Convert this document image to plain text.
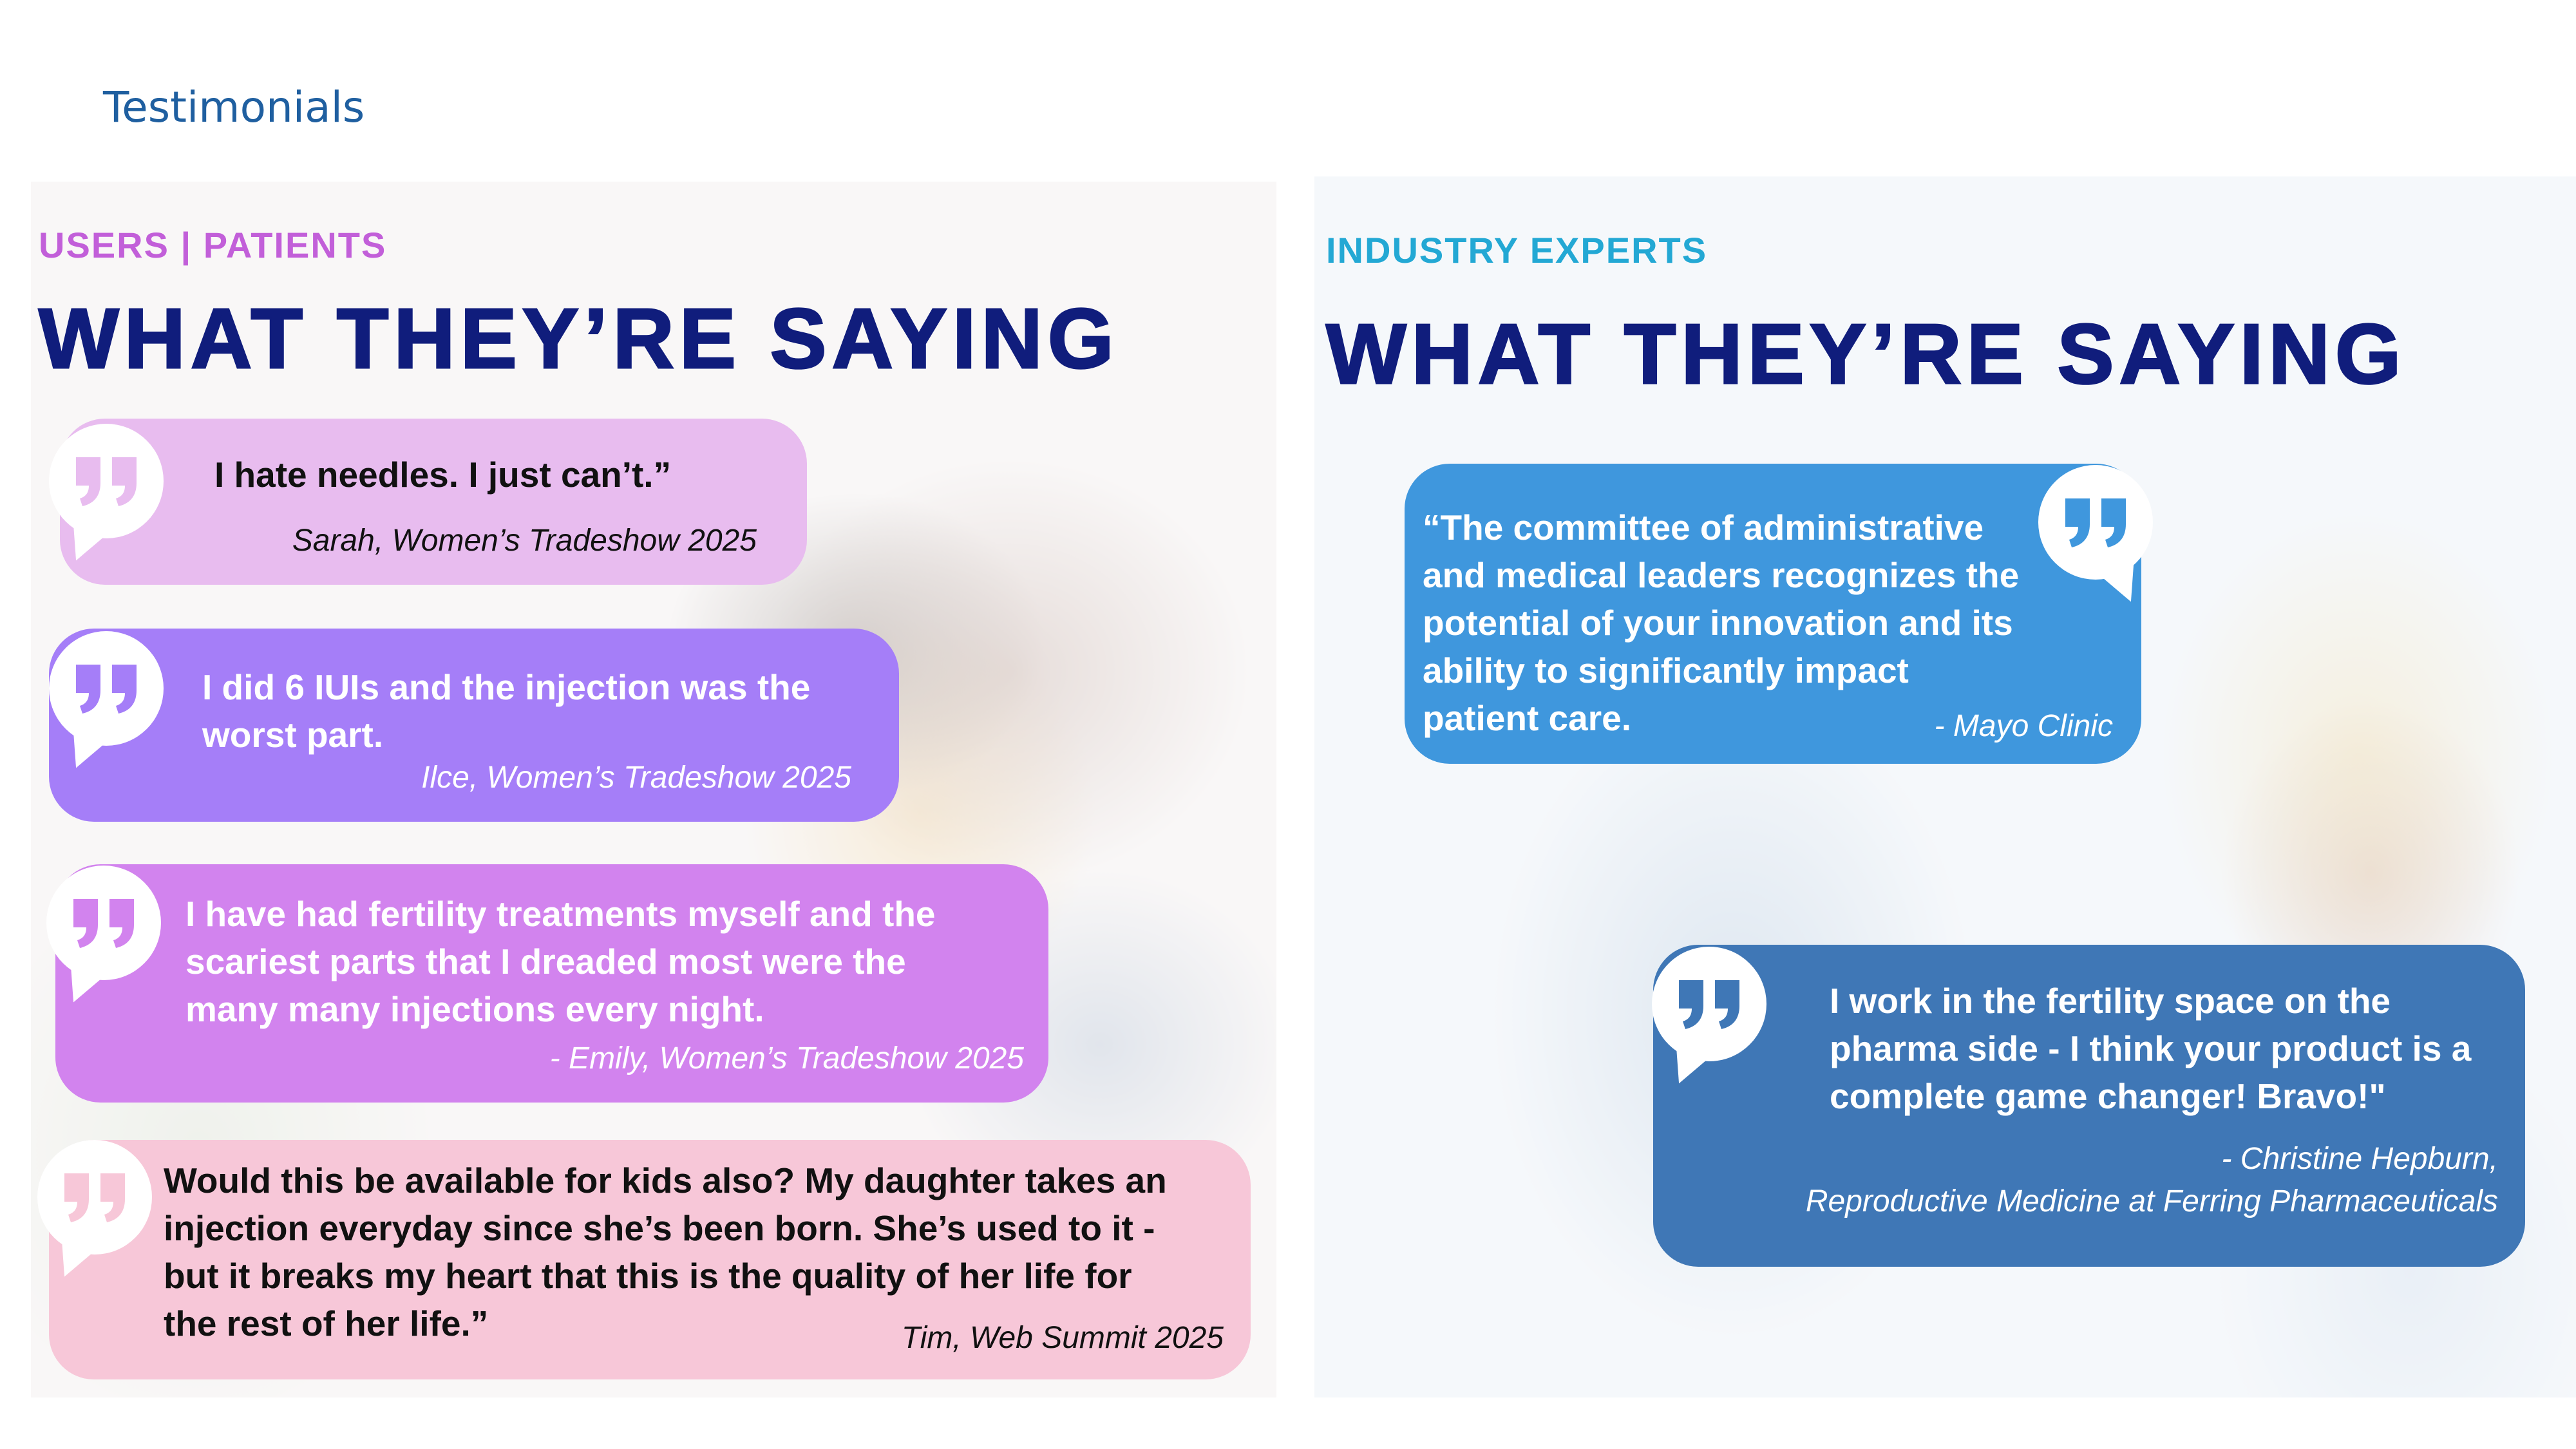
Testimonials
USERS | PATIENTS
WHAT THEY’RE SAYING
I hate needles. I just can’t.”
Sarah, Women’s Tradeshow 2025
I did 6 IUIs and the injection was the
worst part.
Ilce, Women’s Tradeshow 2025
I have had fertility treatments myself and the
scariest parts that I dreaded most were the
many many injections every night.
- Emily, Women’s Tradeshow 2025
Would this be available for kids also? My daughter takes an
injection everyday since she’s been born. She’s used to it -
but it breaks my heart that this is the quality of her life for
the rest of her life.”	Tim, Web Summit 2025
INDUSTRY EXPERTS
WHAT THEY’RE SAYING
“The committee of administrative
and medical leaders recognizes the
potential of your innovation and its
ability to significantly impact
patient care.	- Mayo Clinic
I work in the fertility space on the
pharma side - I think your product is a
complete game changer! Bravo!"
- Christine Hepburn,
Reproductive Medicine at Ferring Pharmaceuticals
